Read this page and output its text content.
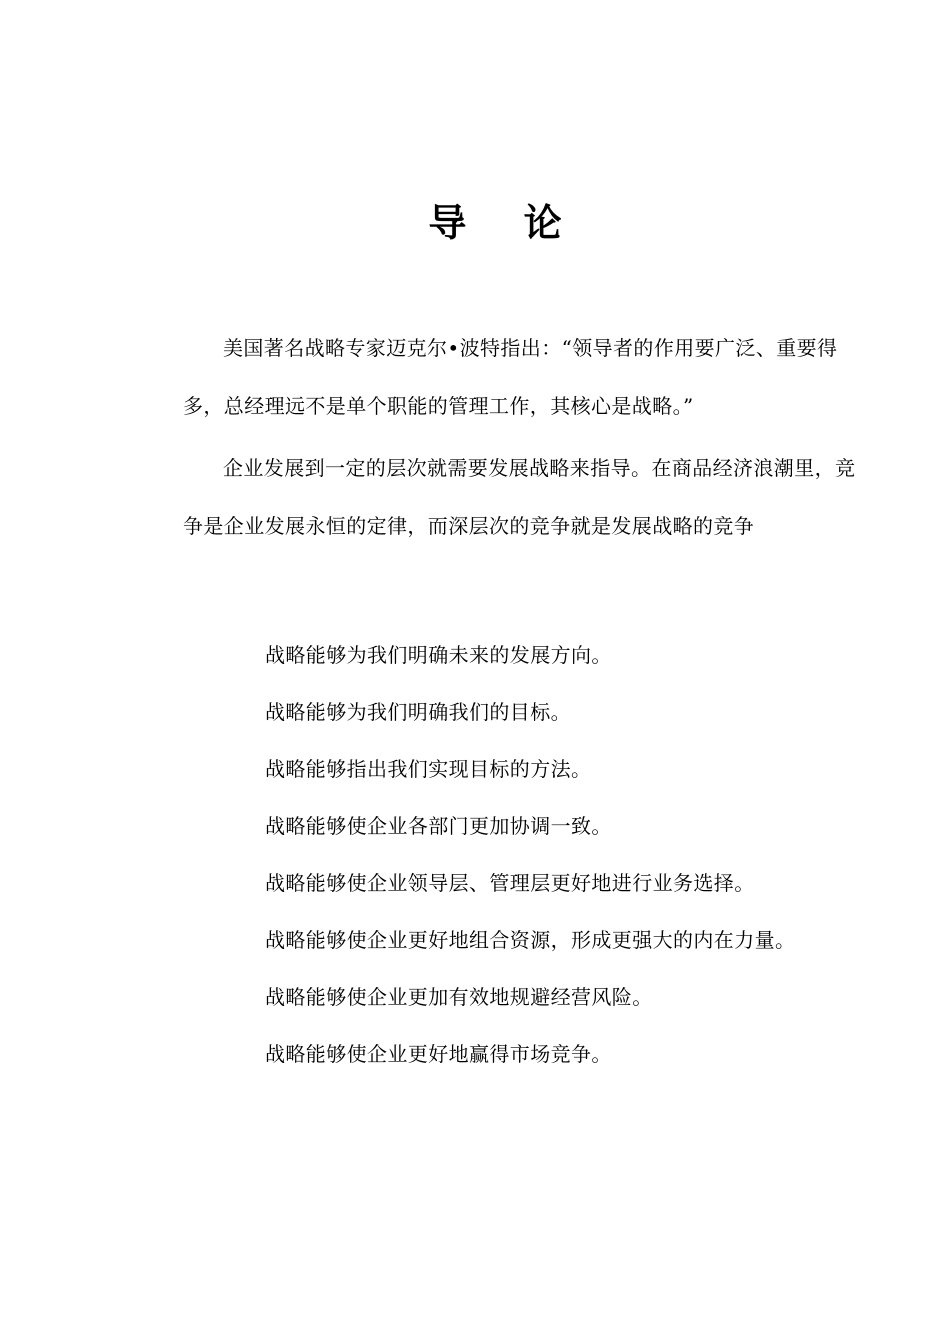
导 论

美国著名战略专家迈克尔•波特指出：“领导者的作用要广泛、重要得多，总经理远不是单个职能的管理工作，其核心是战略。”

企业发展到一定的层次就需要发展战略来指导。在商品经济浪潮里，竞争是企业发展永恒的定律，而深层次的竞争就是发展战略的竞争

战略能够为我们明确未来的发展方向。
战略能够为我们明确我们的目标。
战略能够指出我们实现目标的方法。
战略能够使企业各部门更加协调一致。
战略能够使企业领导层、管理层更好地进行业务选择。
战略能够使企业更好地组合资源，形成更强大的内在力量。
战略能够使企业更加有效地规避经营风险。
战略能够使企业更好地赢得市场竞争。
